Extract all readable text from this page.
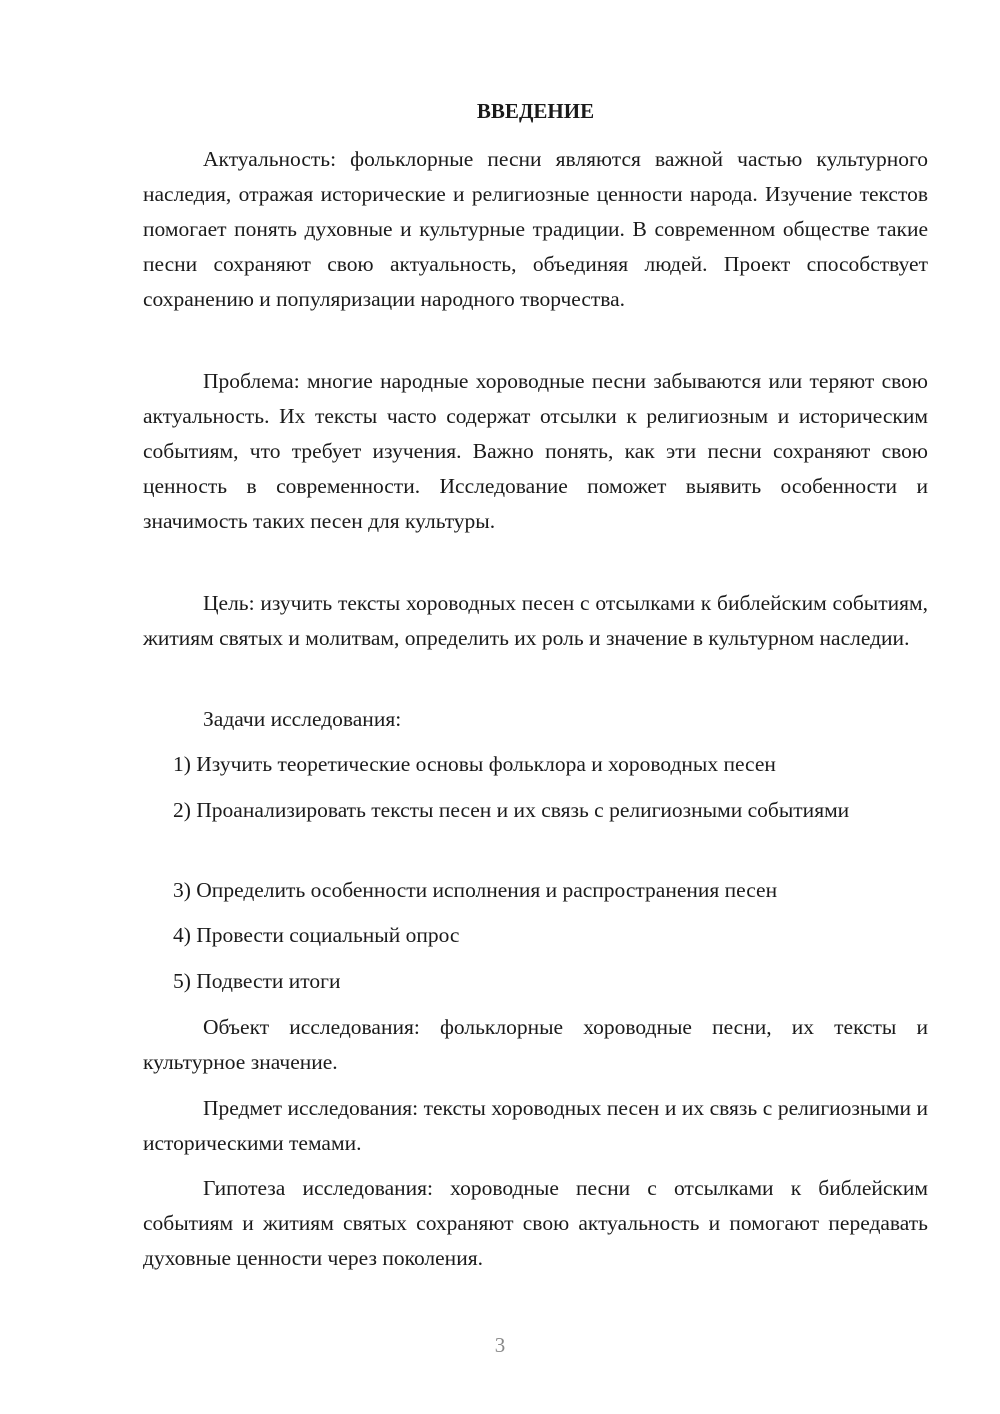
ВВЕДЕНИЕ

Актуальность: фольклорные песни являются важной частью культурного наследия, отражая исторические и религиозные ценности народа. Изучение текстов помогает понять духовные и культурные традиции. В современном обществе такие песни сохраняют свою актуальность, объединяя людей. Проект способствует сохранению и популяризации народного творчества.

Проблема: многие народные хороводные песни забываются или теряют свою актуальность. Их тексты часто содержат отсылки к религиозным и историческим событиям, что требует изучения. Важно понять, как эти песни сохраняют свою ценность в современности. Исследование поможет выявить особенности и значимость таких песен для культуры.

Цель: изучить тексты хороводных песен с отсылками к библейским событиям, житиям святых и молитвам, определить их роль и значение в культурном наследии.

Задачи исследования:

1) Изучить теоретические основы фольклора и хороводных песен

2) Проанализировать тексты песен и их связь с религиозными событиями

3) Определить особенности исполнения и распространения песен

4) Провести социальный опрос

5) Подвести итоги

Объект исследования: фольклорные хороводные песни, их тексты и культурное значение.

Предмет исследования: тексты хороводных песен и их связь с религиозными и историческими темами.

Гипотеза исследования: хороводные песни с отсылками к библейским событиям и житиям святых сохраняют свою актуальность и помогают передавать духовные ценности через поколения.

3
